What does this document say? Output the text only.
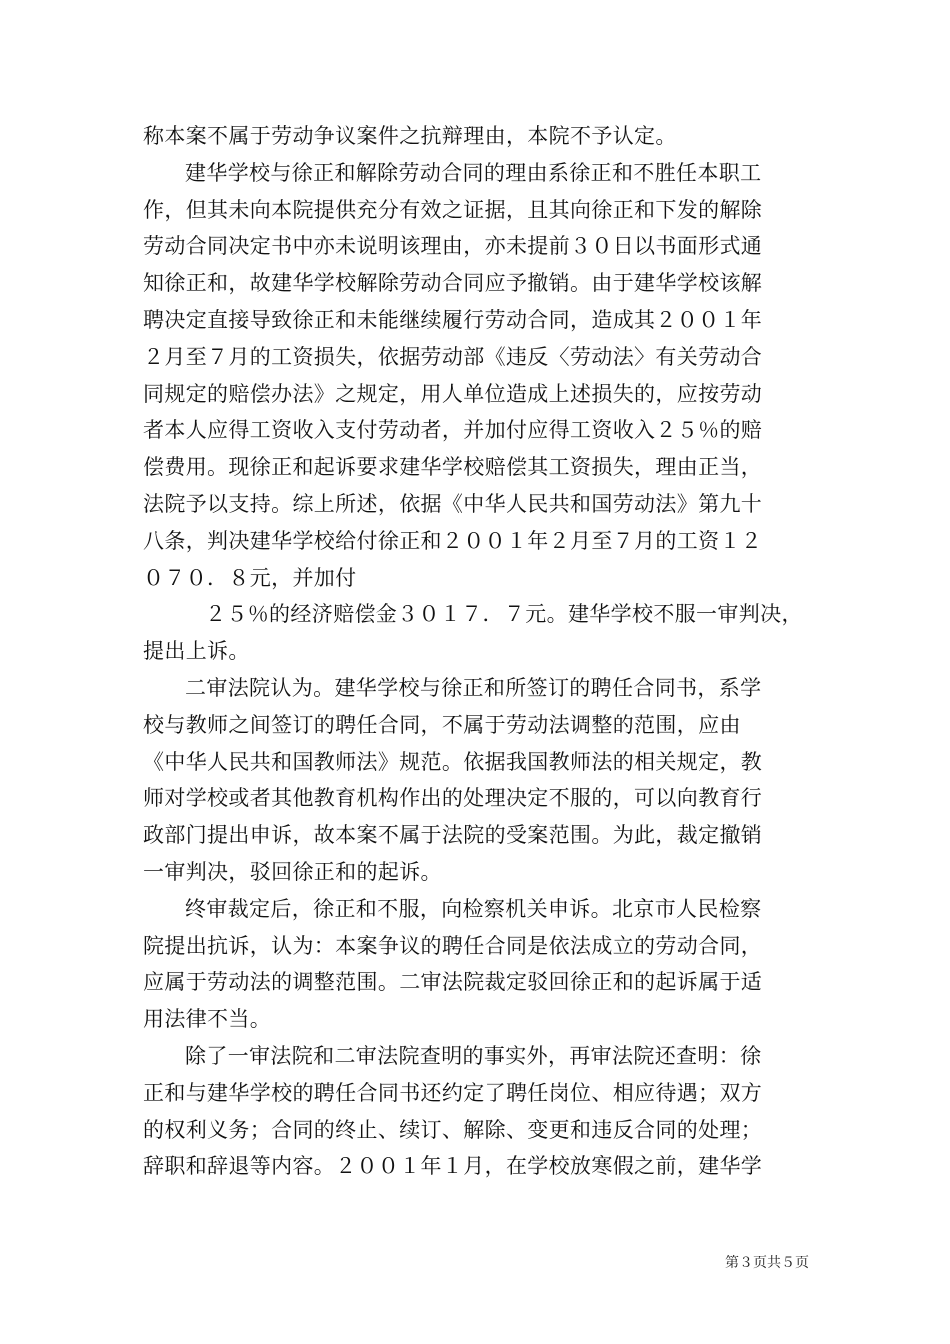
称本案不属于劳动争议案件之抗辩理由，本院不予认定。
建华学校与徐正和解除劳动合同的理由系徐正和不胜任本职工
作，但其未向本院提供充分有效之证据，且其向徐正和下发的解除
劳动合同决定书中亦未说明该理由，亦未提前３０日以书面形式通
知徐正和，故建华学校解除劳动合同应予撤销。由于建华学校该解
聘决定直接导致徐正和未能继续履行劳动合同，造成其２００１年
２月至７月的工资损失，依据劳动部《违反〈劳动法〉有关劳动合
同规定的赔偿办法》之规定，用人单位造成上述损失的，应按劳动
者本人应得工资收入支付劳动者，并加付应得工资收入２５％的赔
偿费用。现徐正和起诉要求建华学校赔偿其工资损失，理由正当，
法院予以支持。综上所述，依据《中华人民共和国劳动法》第九十
八条，判决建华学校给付徐正和２００１年２月至７月的工资１２
０７０．８元，并加付
２５％的经济赔偿金３０１７．７元。建华学校不服一审判决，
提出上诉。
二审法院认为。建华学校与徐正和所签订的聘任合同书，系学
校与教师之间签订的聘任合同，不属于劳动法调整的范围，应由
《中华人民共和国教师法》规范。依据我国教师法的相关规定，教
师对学校或者其他教育机构作出的处理决定不服的，可以向教育行
政部门提出申诉，故本案不属于法院的受案范围。为此，裁定撤销
一审判决，驳回徐正和的起诉。
终审裁定后，徐正和不服，向检察机关申诉。北京市人民检察
院提出抗诉，认为：本案争议的聘任合同是依法成立的劳动合同，
应属于劳动法的调整范围。二审法院裁定驳回徐正和的起诉属于适
用法律不当。
除了一审法院和二审法院查明的事实外，再审法院还查明：徐
正和与建华学校的聘任合同书还约定了聘任岗位、相应待遇；双方
的权利义务；合同的终止、续订、解除、变更和违反合同的处理；
辞职和辞退等内容。２００１年１月，在学校放寒假之前，建华学
第３页共５页
